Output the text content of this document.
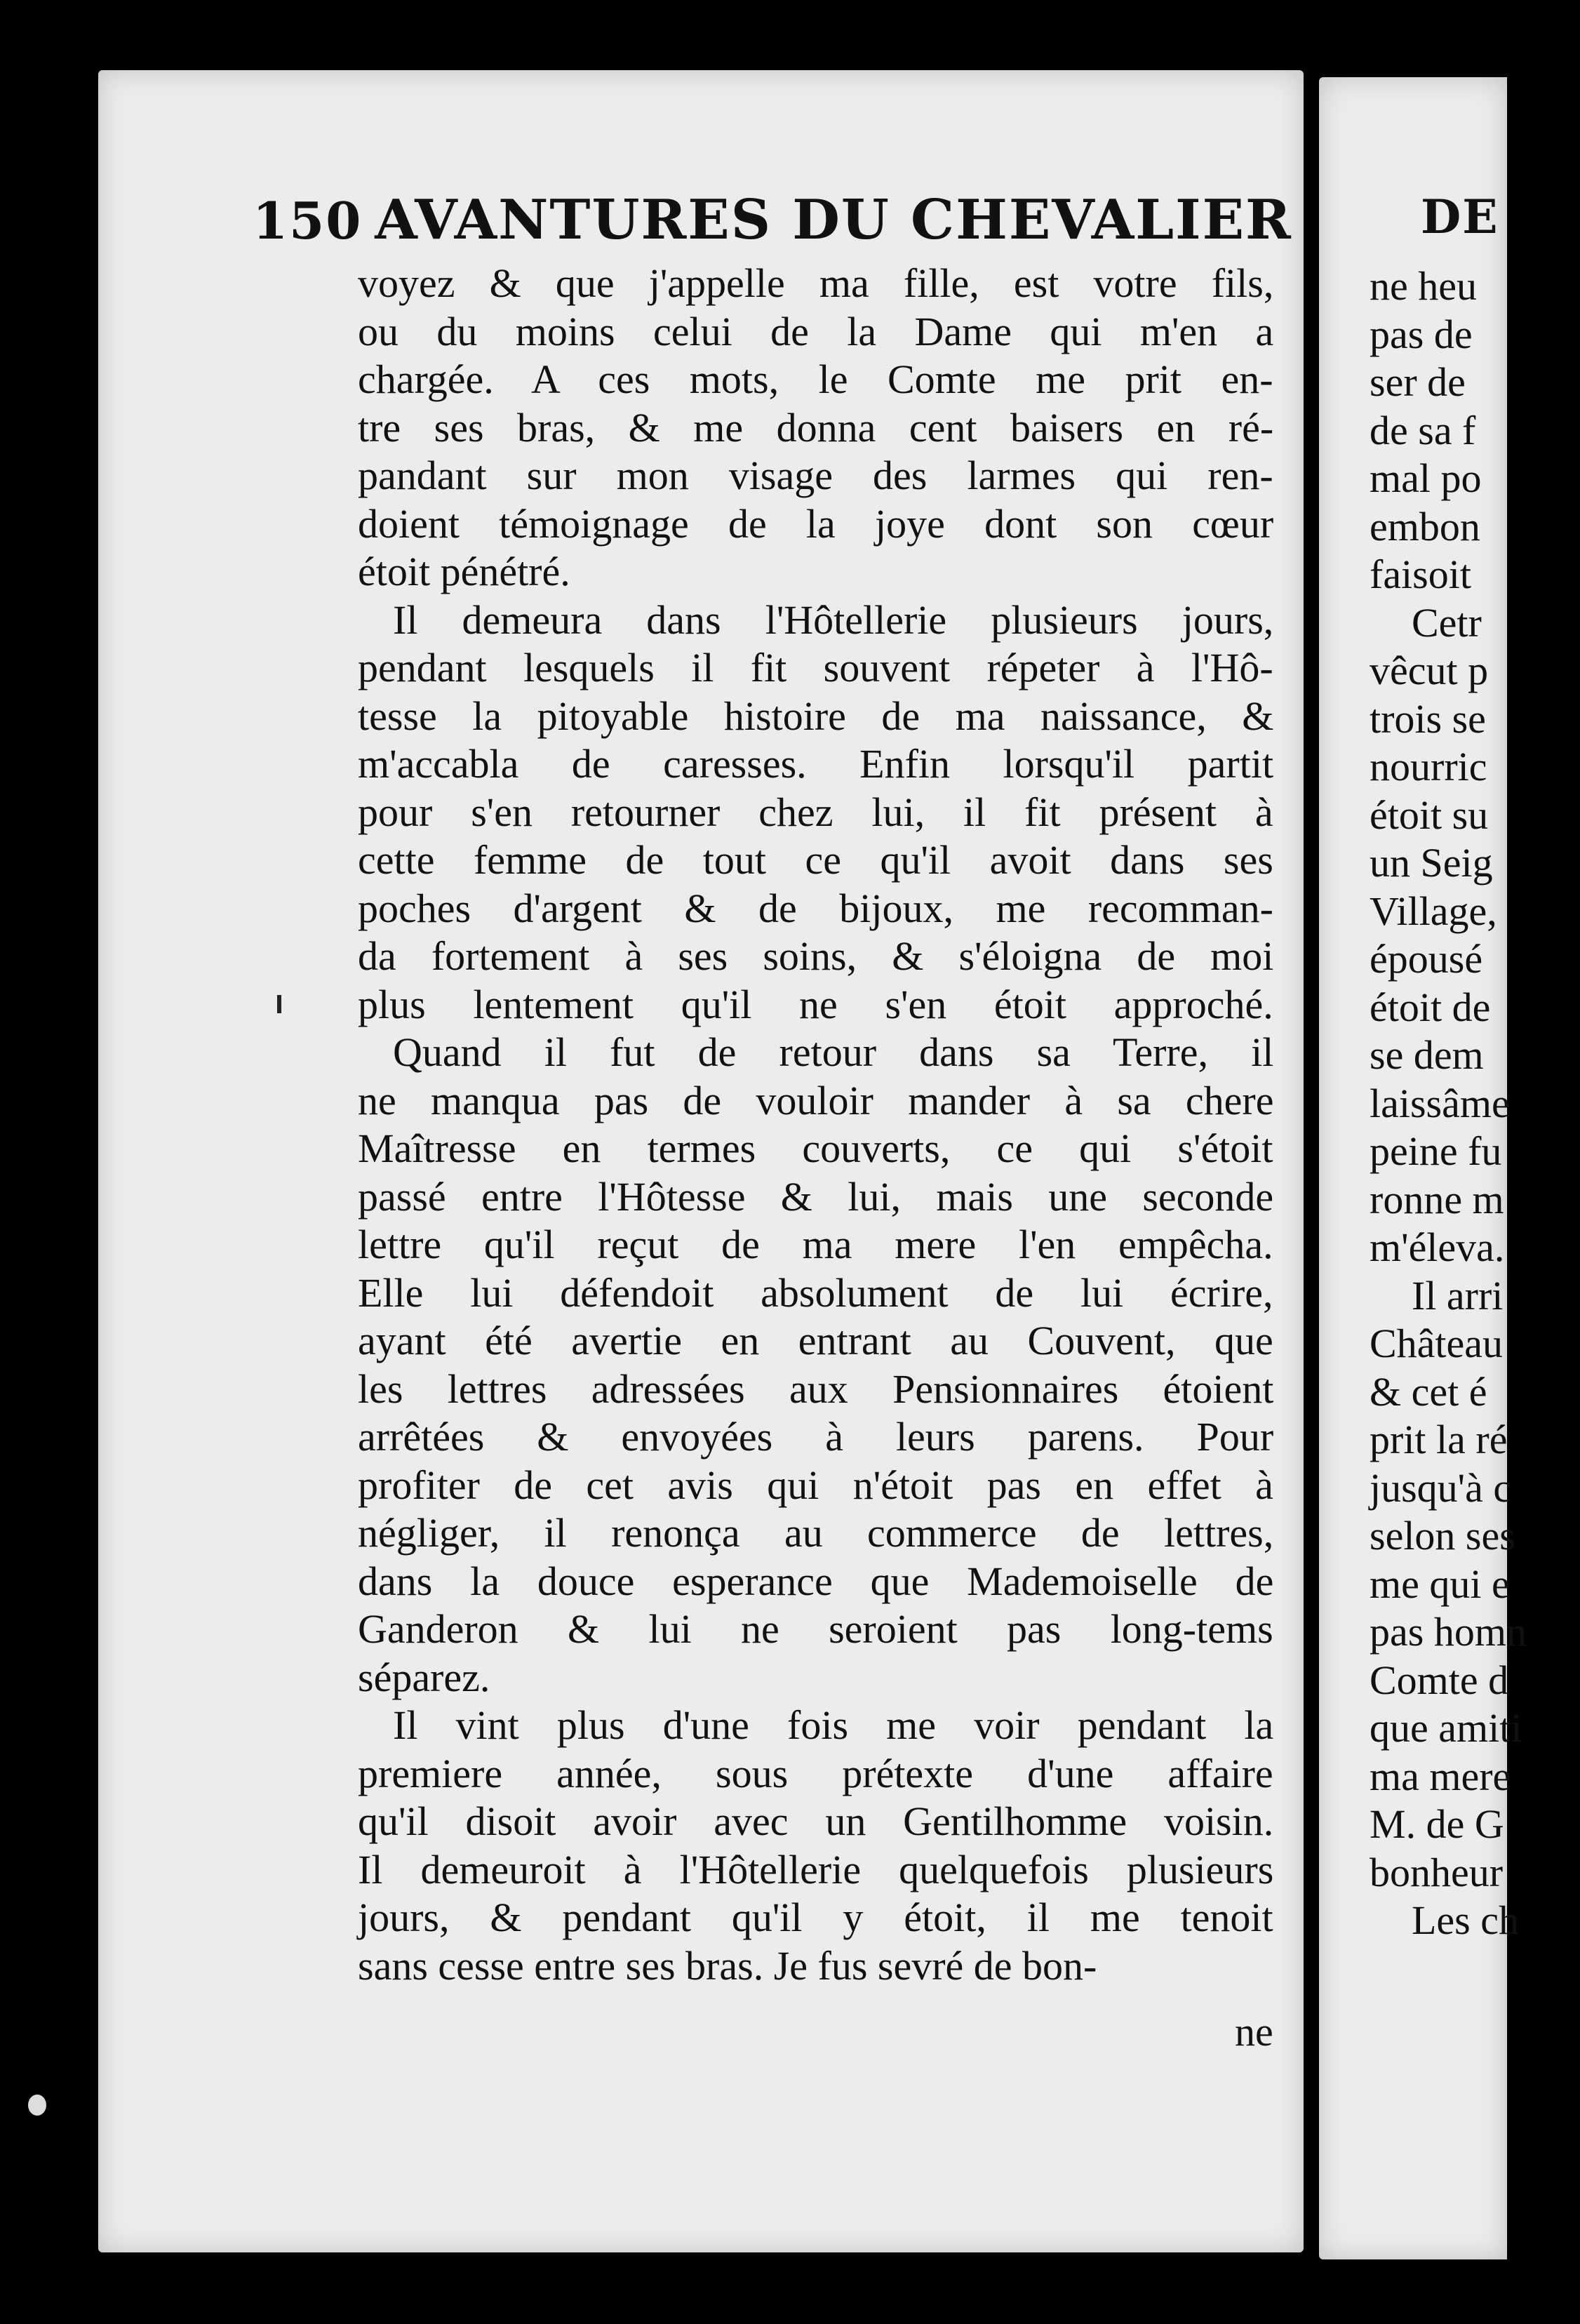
150 AVANTURES DU CHEVALIER	DE
voyez & que j'appelle ma fille, est votre fils,
ou du moins celui de la Dame qui m'en a
chargée. A ces mots, le Comte me prit en-
tre ses bras, & me donna cent baisers en ré-
pandant sur mon visage des larmes qui ren-
doient témoignage de la joye dont son cœur
étoit pénétré.
Il demeura dans l'Hôtellerie plusieurs jours,
pendant lesquels il fit souvent répeter à l'Hô-
tesse la pitoyable histoire de ma naissance, &
m'accabla de caresses. Enfin lorsqu'il partit
pour s'en retourner chez lui, il fit présent à
cette femme de tout ce qu'il avoit dans ses
poches d'argent & de bijoux, me recomman-
da fortement à ses soins, & s'éloigna de moi
plus lentement qu'il ne s'en étoit approché.
Quand il fut de retour dans sa Terre, il
ne manqua pas de vouloir mander à sa chere
Maîtresse en termes couverts, ce qui s'étoit
passé entre l'Hôtesse & lui, mais une seconde
lettre qu'il reçut de ma mere l'en empêcha.
Elle lui défendoit absolument de lui écrire,
ayant été avertie en entrant au Couvent, que
les lettres adressées aux Pensionnaires étoient
arrêtées & envoyées à leurs parens. Pour
profiter de cet avis qui n'étoit pas en effet à
négliger, il renonça au commerce de lettres,
dans la douce esperance que Mademoiselle de
Ganderon & lui ne seroient pas long-tems
séparez.
Il vint plus d'une fois me voir pendant la
premiere année, sous prétexte d'une affaire
qu'il disoit avoir avec un Gentilhomme voisin.
Il demeuroit à l'Hôtellerie quelquefois plusieurs
jours, & pendant qu'il y étoit, il me tenoit
sans cesse entre ses bras. Je fus sevré de bon-
ne heu
pas de
ser de
de sa f
mal po
embon
faisoit
Cetr
vêcut p
trois se
nourric
étoit su
un Seig
Village,
épousé
étoit de
se dem
laissâme
peine fu
ronne m
m'éleva.
Il arri
Château
& cet é
prit la ré
jusqu'à c
selon ses
me qui e
pas homn
Comte d
que amiti
ma mere
M. de G
bonheur
Les ch
ne
